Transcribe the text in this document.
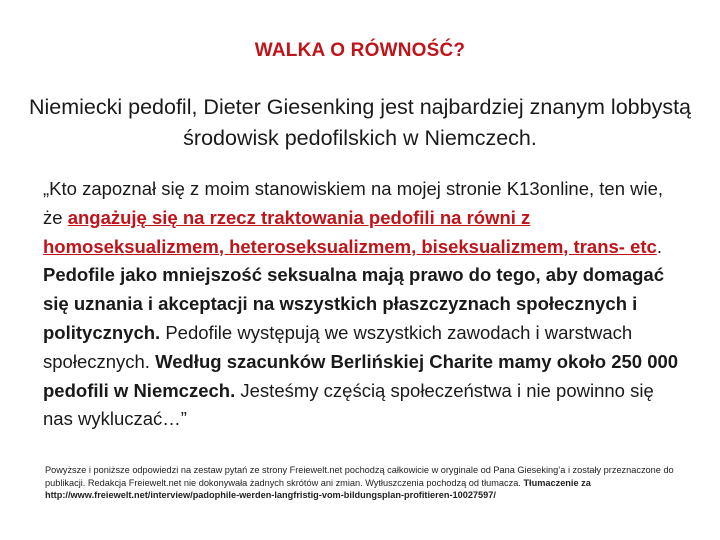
WALKA O RÓWNOŚĆ?
Niemiecki pedofil, Dieter Giesenking jest najbardziej znanym lobbystą środowisk pedofilskich w Niemczech.
„Kto zapoznał się z moim stanowiskiem na mojej stronie K13online, ten wie, że angażuję się na rzecz traktowania pedofili na równi z homoseksualizmem, heteroseksualizmem, biseksualizmem, trans- etc. Pedofile jako mniejszość seksualna mają prawo do tego, aby domagać się uznania i akceptacji na wszystkich płaszczyznach społecznych i politycznych. Pedofile występują we wszystkich zawodach i warstwach społecznych. Według szacunków Berlińskiej Charite mamy około 250 000 pedofili w Niemczech. Jesteśmy częścią społeczeństwa i nie powinno się nas wykluczać…”
Powyższe i poniższe odpowiedzi na zestaw pytań ze strony Freiewelt.net pochodzą całkowicie w oryginale od Pana Gieseking’a i zostały przeznaczone do publikacji. Redakcja Freiewelt.net nie dokonywała żadnych skrótów ani zmian. Wytłuszczenia pochodzą od tłumacza. Tłumaczenie za http://www.freiewelt.net/interview/padophile-werden-langfristig-vom-bildungsplan-profitieren-10027597/
